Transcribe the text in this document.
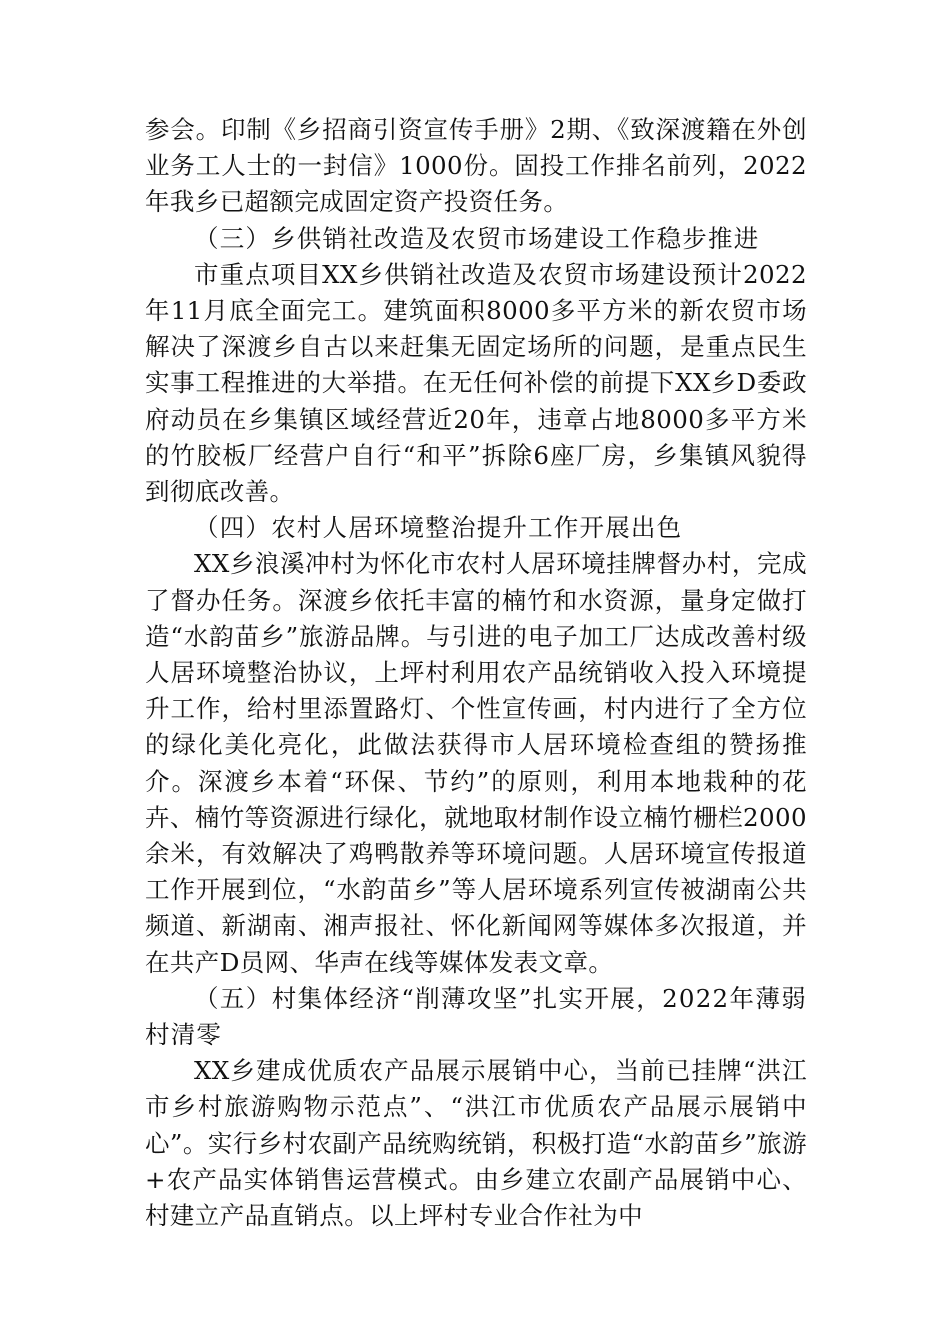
参会。印制《乡招商引资宣传手册》2期、《致深渡籍在外创业务工人士的一封信》1000份。固投工作排名前列，2022年我乡已超额完成固定资产投资任务。

（三）乡供销社改造及农贸市场建设工作稳步推进

市重点项目XX乡供销社改造及农贸市场建设预计2022年11月底全面完工。建筑面积8000多平方米的新农贸市场解决了深渡乡自古以来赶集无固定场所的问题，是重点民生实事工程推进的大举措。在无任何补偿的前提下XX乡D委政府动员在乡集镇区域经营近20年，违章占地8000多平方米的竹胶板厂经营户自行“和平”拆除6座厂房，乡集镇风貌得到彻底改善。

（四）农村人居环境整治提升工作开展出色

XX乡浪溪冲村为怀化市农村人居环境挂牌督办村，完成了督办任务。深渡乡依托丰富的楠竹和水资源，量身定做打造“水韵苗乡”旅游品牌。与引进的电子加工厂达成改善村级人居环境整治协议，上坪村利用农产品统销收入投入环境提升工作，给村里添置路灯、个性宣传画，村内进行了全方位的绿化美化亮化，此做法获得市人居环境检查组的赞扬推介。深渡乡本着“环保、节约”的原则，利用本地栽种的花卉、楠竹等资源进行绿化，就地取材制作设立楠竹栅栏2000余米，有效解决了鸡鸭散养等环境问题。人居环境宣传报道工作开展到位，“水韵苗乡”等人居环境系列宣传被湖南公共频道、新湖南、湘声报社、怀化新闻网等媒体多次报道，并在共产D员网、华声在线等媒体发表文章。

（五）村集体经济“削薄攻坚”扎实开展，2022年薄弱村清零

XX乡建成优质农产品展示展销中心，当前已挂牌“洪江市乡村旅游购物示范点”、“洪江市优质农产品展示展销中心”。实行乡村农副产品统购统销，积极打造“水韵苗乡”旅游+农产品实体销售运营模式。由乡建立农副产品展销中心、村建立产品直销点。以上坪村专业合作社为中
